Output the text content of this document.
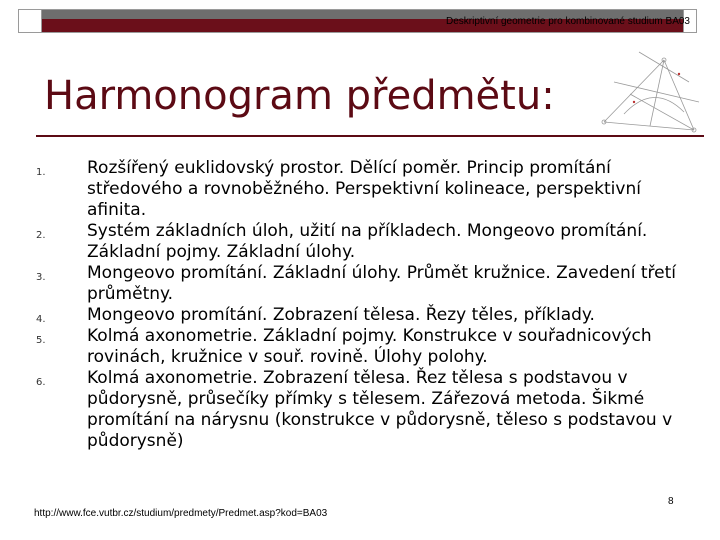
Deskriptivní geometrie pro kombinované studium BA03
Harmonogram předmětu:
1. Rozšířený euklidovský prostor. Dělící poměr. Princip promítání středového a rovnoběžného. Perspektivní kolineace, perspektivní afinita.
2. Systém základních úloh, užití na příkladech. Mongeovo promítání. Základní pojmy. Základní úlohy.
3. Mongeovo promítání. Základní úlohy. Průmět kružnice. Zavedení třetí průmětny.
4. Mongeovo promítání. Zobrazení tělesa. Řezy těles, příklady.
5. Kolmá axonometrie. Základní pojmy. Konstrukce v souřadnicových rovinách, kružnice v souř. rovině. Úlohy polohy.
6. Kolmá axonometrie. Zobrazení tělesa. Řez tělesa s podstavou v půdorysně, průsečíky přímky s tělesem. Zářezová metoda. Šikmé promítání na nárysnu (konstrukce v půdorysně, těleso s podstavou v půdorysně)
http://www.fce.vutbr.cz/studium/predmety/Predmet.asp?kod=BA03
8
